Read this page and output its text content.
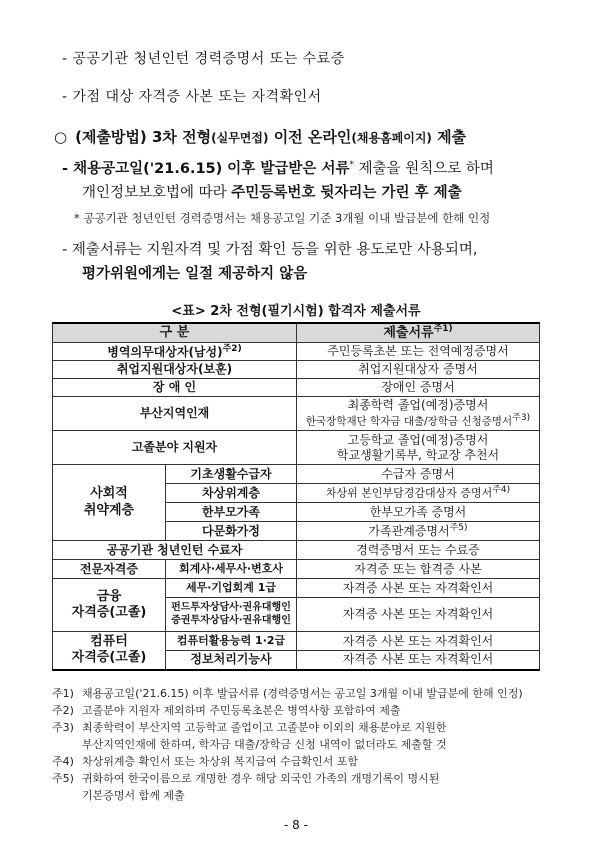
- 공공기관 청년인턴 경력증명서 또는 수료증
- 가점 대상 자격증 사본 또는 자격확인서
○ (제출방법) 3차 전형(실무면접) 이전 온라인(채용홈페이지) 제출
- 채용공고일('21.6.15) 이후 발급받은 서류* 제출을 원칙으로 하며
개인정보보호법에 따라 주민등록번호 뒷자리는 가린 후 제출
* 공공기관 청년인턴 경력증명서는 채용공고일 기준 3개월 이내 발급분에 한해 인정
- 제출서류는 지원자격 및 가점 확인 등을 위한 용도로만 사용되며,
평가위원에게는 일절 제공하지 않음
<표> 2차 전형(필기시험) 합격자 제출서류
구 분		제출서류$^{주1)}$
병역의무대상자(남성)$^{주2)}$		주민등록초본 또는 전역예정증명서
취업지원대상자(보훈)		취업지원대상자 증명서
장 애 인		장애인 증명서
부산지역인재		최종학력 졸업(예정)증명서
한국장학재단 학자금 대출/장학금 신청증명서주3)

고졸분야 지원자		고등학교 졸업(예정)증명서
학교생활기록부, 학교장 추천서

사회적
취약계층	기초생활수급자	수급자 증명서
	차상위계층	차상위 본인부담경감대상자 증명서$^{주4)}$
	한부모가족	한부모가족 증명서
	다문화가정	가족관계증명서$^{주5)}$
공공기관 청년인턴 수료자		경력증명서 또는 수료증
전문자격증	회계사·세무사·변호사	자격증 또는 합격증 사본

금융
자격증(고졸)	세무·기업회계 1급	자격증 사본 또는 자격확인서

	펀드투자상담사·권유대행인
증권투자상담사·권유대행인	자격증 사본 또는 자격확인서

컴퓨터
자격증(고졸)	컴퓨터활용능력 1·2급	자격증 사본 또는 자격확인서
	정보처리기능사	자격증 사본 또는 자격확인서
주1) 채용공고일('21.6.15) 이후 발급서류 (경력증명서는 공고일 3개월 이내 발급분에 한해 인정)
주2) 고졸분야 지원자 제외하며 주민등록초본은 병역사항 포함하여 제출
주3) 최종학력이 부산지역 고등학교 졸업이고 고졸분야 이외의 채용분야로 지원한
부산지역인재에 한하며, 학자금 대출/장학금 신청 내역이 없더라도 제출할 것
주4) 차상위계층 확인서 또는 차상위 복지급여 수급확인서 포함
주5) 귀화하여 한국이름으로 개명한 경우 해당 외국인 가족의 개명기록이 명시된
기본증명서 함께 제출
- 8 -
